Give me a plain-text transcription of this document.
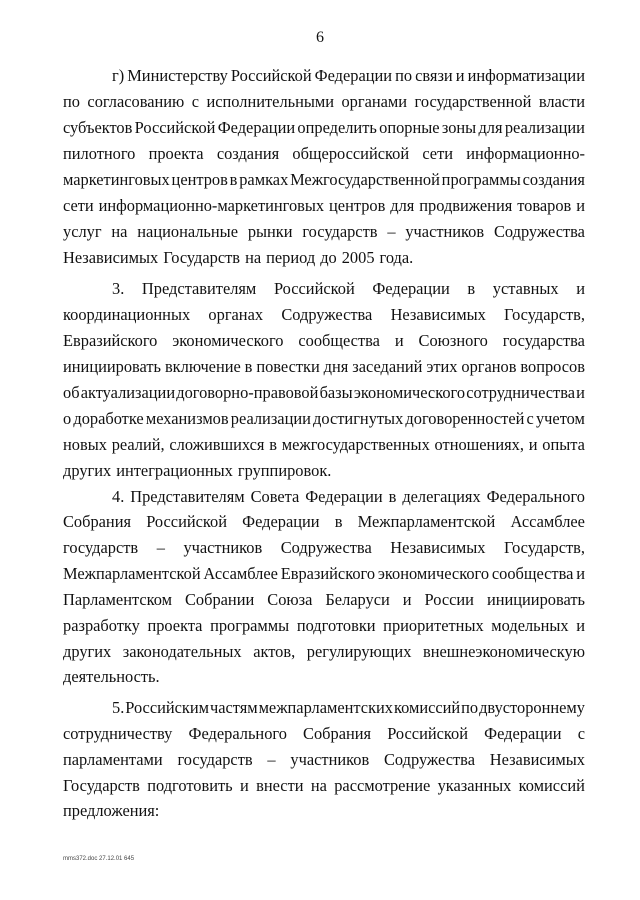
6
г) Министерству Российской Федерации по связи и информатизации
по согласованию с исполнительными органами государственной власти
субъектов Российской Федерации определить опорные зоны для реализации
пилотного проекта создания общероссийской сети информационно-
маркетинговых центров в рамках Межгосударственной программы создания
сети информационно-маркетинговых центров для продвижения товаров и
услуг на национальные рынки государств – участников Содружества
Независимых Государств на период до 2005 года.
3. Представителям Российской Федерации в уставных и
координационных органах Содружества Независимых Государств,
Евразийского экономического сообщества и Союзного государства
инициировать включение в повестки дня заседаний этих органов вопросов
об актуализации договорно-правовой базы экономического сотрудничества и
о доработке механизмов реализации достигнутых договоренностей с учетом
новых реалий, сложившихся в межгосударственных отношениях, и опыта
других интеграционных группировок.
4. Представителям Совета Федерации в делегациях Федерального
Собрания Российской Федерации в Межпарламентской Ассамблее
государств – участников Содружества Независимых Государств,
Межпарламентской Ассамблее Евразийского экономического сообщества и
Парламентском Собрании Союза Беларуси и России инициировать
разработку проекта программы подготовки приоритетных модельных и
других законодательных актов, регулирующих внешнеэкономическую
деятельность.
5. Российским частям межпарламентских комиссий по двустороннему
сотрудничеству Федерального Собрания Российской Федерации с
парламентами государств – участников Содружества Независимых
Государств подготовить и внести на рассмотрение указанных комиссий
предложения:
mms372.doc 27.12.01 645
